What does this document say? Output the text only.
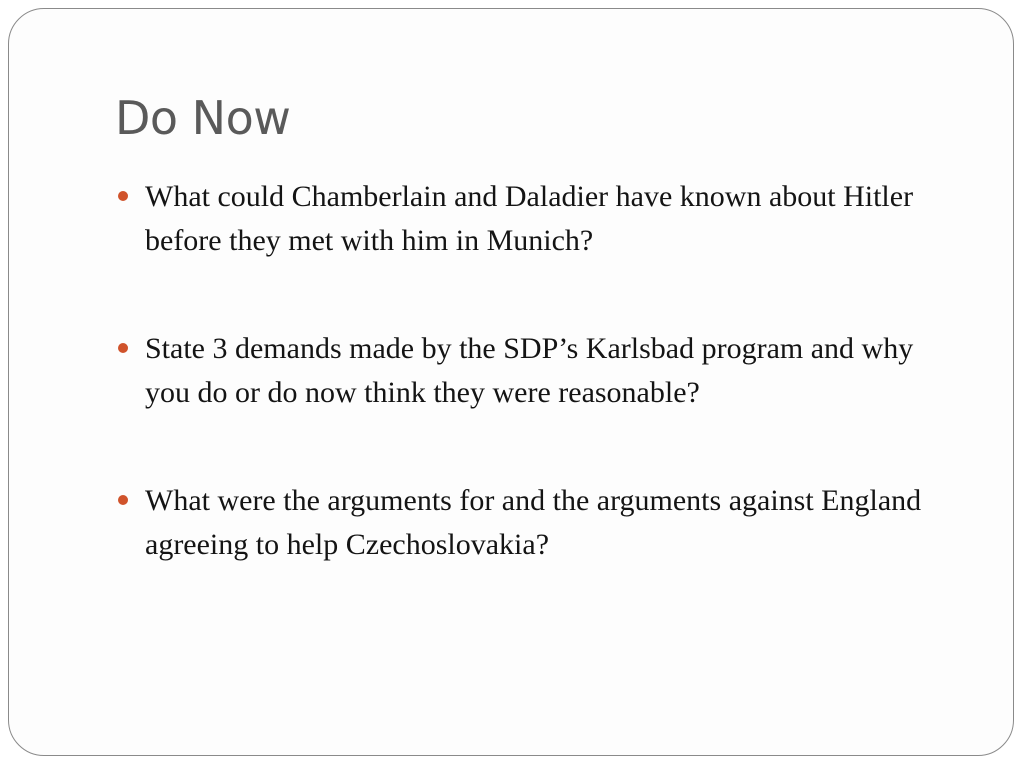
Do Now
What could Chamberlain and Daladier have known about Hitler before they met with him in Munich?
State 3 demands made by the SDP’s Karlsbad program and why you do or do now think they were reasonable?
What were the arguments for and the arguments against England agreeing to help Czechoslovakia?
